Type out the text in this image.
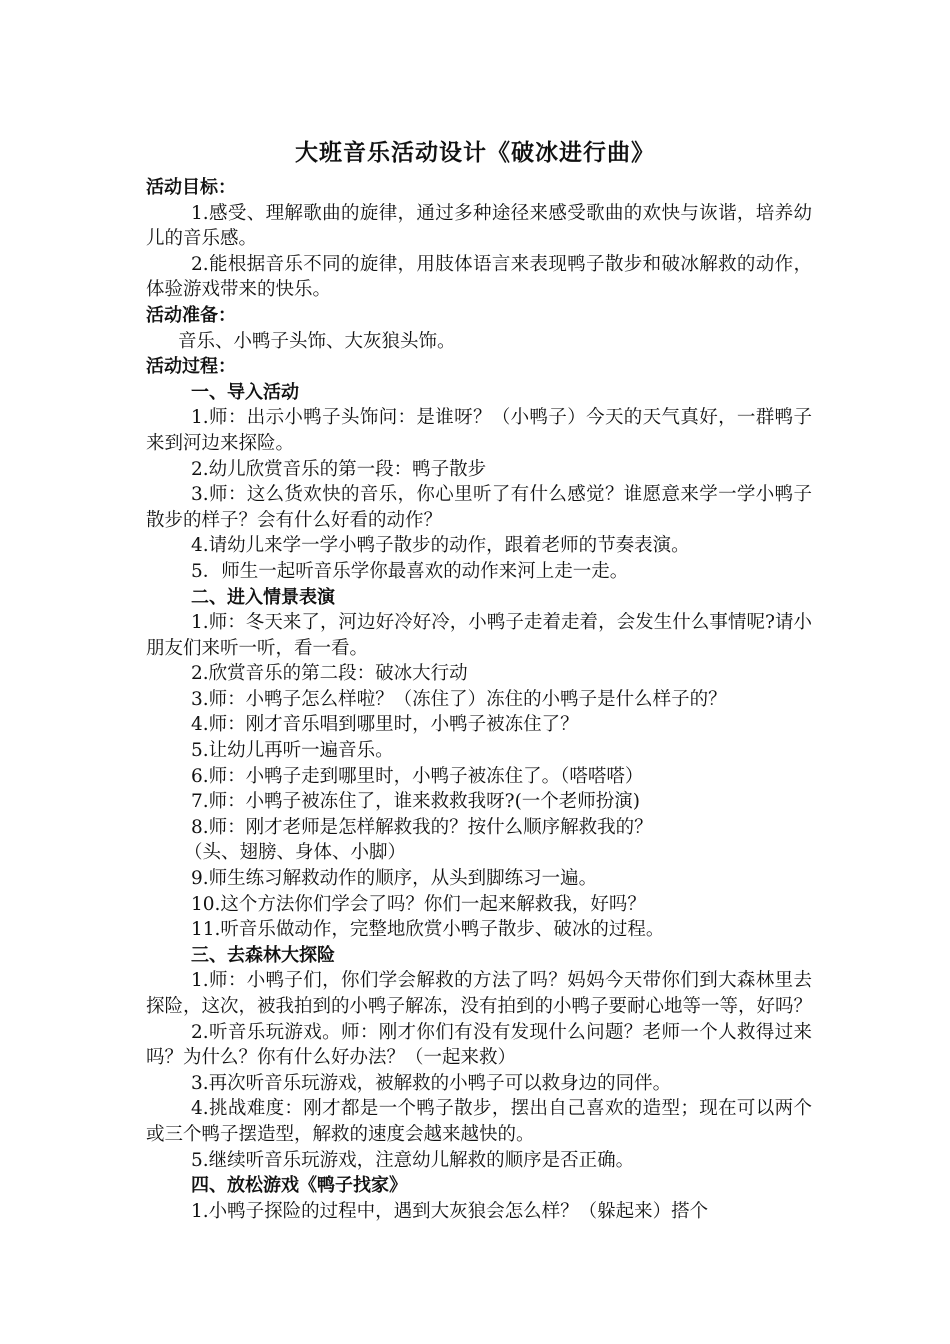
大班音乐活动设计《破冰进行曲》
活动目标：
1.感受、理解歌曲的旋律，通过多种途径来感受歌曲的欢快与诙谐，培养幼儿的音乐感。
2.能根据音乐不同的旋律，用肢体语言来表现鸭子散步和破冰解救的动作，体验游戏带来的快乐。
活动准备：
音乐、小鸭子头饰、大灰狼头饰。
活动过程：
一、导入活动
1.师：出示小鸭子头饰问：是谁呀？（小鸭子）今天的天气真好，一群鸭子来到河边来探险。
2.幼儿欣赏音乐的第一段：鸭子散步
3.师：这么货欢快的音乐，你心里听了有什么感觉？谁愿意来学一学小鸭子散步的样子？会有什么好看的动作？
4.请幼儿来学一学小鸭子散步的动作，跟着老师的节奏表演。
5．师生一起听音乐学你最喜欢的动作来河上走一走。
二、进入情景表演
1.师：冬天来了，河边好冷好冷，小鸭子走着走着，会发生什么事情呢?请小朋友们来听一听，看一看。
2.欣赏音乐的第二段：破冰大行动
3.师：小鸭子怎么样啦？（冻住了）冻住的小鸭子是什么样子的？
4.师：刚才音乐唱到哪里时，小鸭子被冻住了？
5.让幼儿再听一遍音乐。
6.师：小鸭子走到哪里时，小鸭子被冻住了。（嗒嗒嗒）
7.师：小鸭子被冻住了，谁来救救我呀?(一个老师扮演)
8.师：刚才老师是怎样解救我的？按什么顺序解救我的？
（头、翅膀、身体、小脚）
9.师生练习解救动作的顺序，从头到脚练习一遍。
10.这个方法你们学会了吗？你们一起来解救我，好吗？
11.听音乐做动作，完整地欣赏小鸭子散步、破冰的过程。
三、去森林大探险
1.师：小鸭子们，你们学会解救的方法了吗？妈妈今天带你们到大森林里去探险，这次，被我拍到的小鸭子解冻，没有拍到的小鸭子要耐心地等一等，好吗？
2.听音乐玩游戏。师：刚才你们有没有发现什么问题？老师一个人救得过来吗？为什么？你有什么好办法？（一起来救）
3.再次听音乐玩游戏，被解救的小鸭子可以救身边的同伴。
4.挑战难度：刚才都是一个鸭子散步，摆出自己喜欢的造型；现在可以两个或三个鸭子摆造型，解救的速度会越来越快的。
5.继续听音乐玩游戏，注意幼儿解救的顺序是否正确。
四、放松游戏《鸭子找家》
1.小鸭子探险的过程中，遇到大灰狼会怎么样？（躲起来）搭个
